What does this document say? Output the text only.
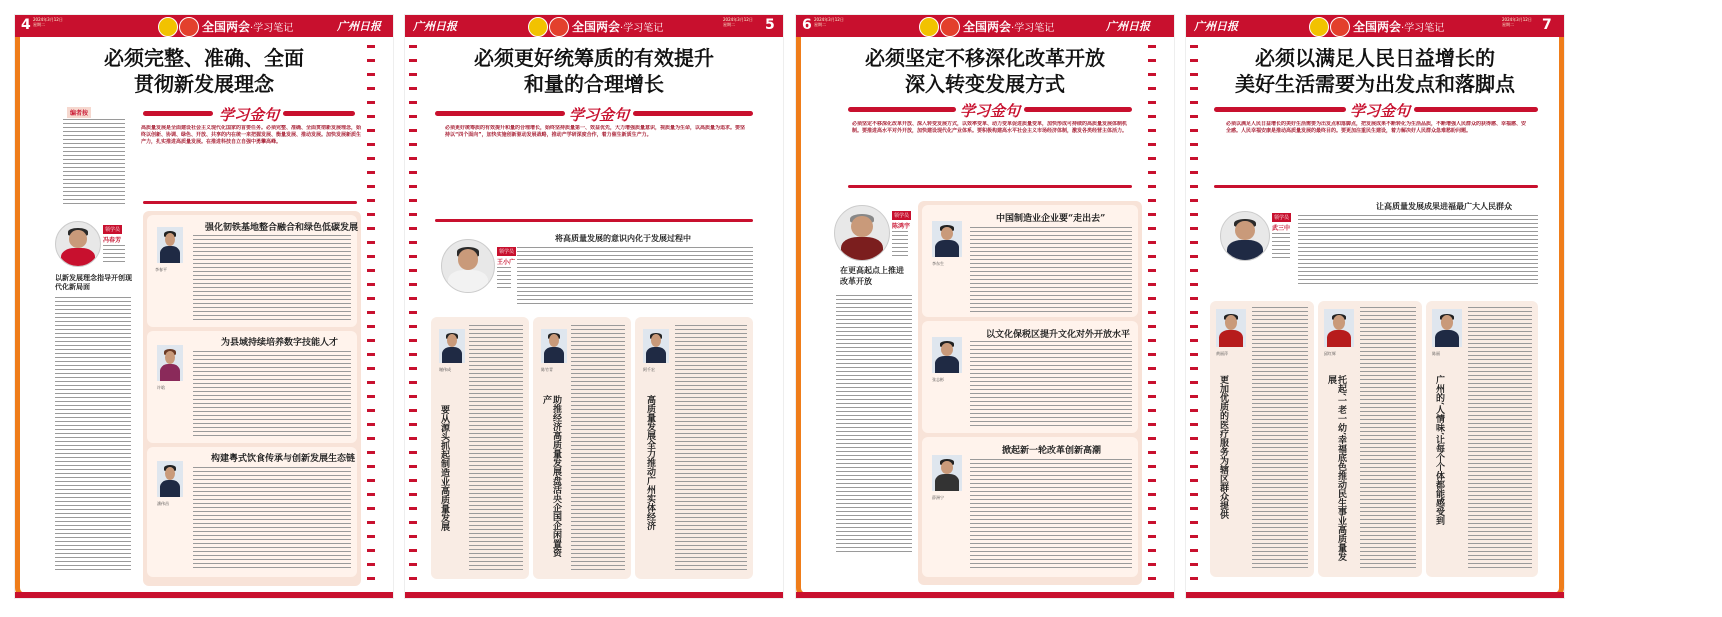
4 2024年3月12日 星期二	全国两会·学习笔记	广州日报
必须完整、准确、全面
贯彻新发展理念
编者按	学习金句
高质量发展是全面建设社会主义现代化国家的首要任务。必须完整、准确、全面贯彻新发展理念，始终以创新、协调、绿色、开放、共享的内在统一来把握发展、衡量发展、推动发展。加快发展新质生产力，扎实推进高质量发展。在推进科技自立自强中勇攀高峰。
领学员
冯春芳
以新发展理念指导开创现代化新局面
强化韧铁基地整合融合和绿色低碳发展
李春平
为县域持续培养数字技能人才
许晗
构建粤式饮食传承与创新发展生态链
潘伟昌
广州日报	全国两会·学习笔记
2024年3月12日 星期二	5
必须更好统筹质的有效提升
和量的合理增长
学习金句
必须更好统筹质的有效提升和量的合理增长，始终坚持质量第一、效益优先，大力增强质量意识，视质量为生命，以高质量为追求。要坚持以“四个面向”，加快实施创新驱动发展战略，推动产学研深度合作，着力催生新质生产力。
领学员
王小广
将高质量发展的意识内化于发展过程中
谢伟成
要从源头抓起制造业高质量发展
陈竹青
助推经济高质量发展盘活央企国企闲置资产
阿千宏
高质量发展全力推动广州实体经济
6 2024年3月12日 星期二	全国两会·学习笔记	广州日报
必须坚定不移深化改革开放
深入转变发展方式
学习金句
必须坚定不移深化改革开放、深入转变发展方式，以效率变革、动力变革促进质量变革，加快形成可持续的高质量发展体制机制。要推进高水平对外开放，加快建设现代化产业体系。要积极构建高水平社会主义市场经济体制，激发各类经营主体活力。
领学员
陈鸿宇
在更高起点上推进改革开放
中国制造业企业要“走出去”
李东生
以文化保税区提升文化对外开放水平
张志彬
掀起新一轮改革创新高潮
薛洲宁
广州日报	全国两会·学习笔记
2024年3月12日 星期二	7
必须以满足人民日益增长的
美好生活需要为出发点和落脚点
学习金句
必须以满足人民日益增长的美好生活需要为出发点和落脚点，把发展成果不断转化为生活品质，不断增强人民群众的获得感、幸福感、安全感。人民幸福安康是推动高质量发展的最终目的。要更加注重民生建设，着力解决好人民群众急难愁盼问题。
领学员
武三中
让高质量发展成果进福最广大人民群众
黄丽萍
更加优质的医疗服务为辖区群众提供
邱红辉
托起‘一老一幼’幸福底色推动民生事业高质量发展
陈丽
广州的‘人情味’让每个个体都能感受到
